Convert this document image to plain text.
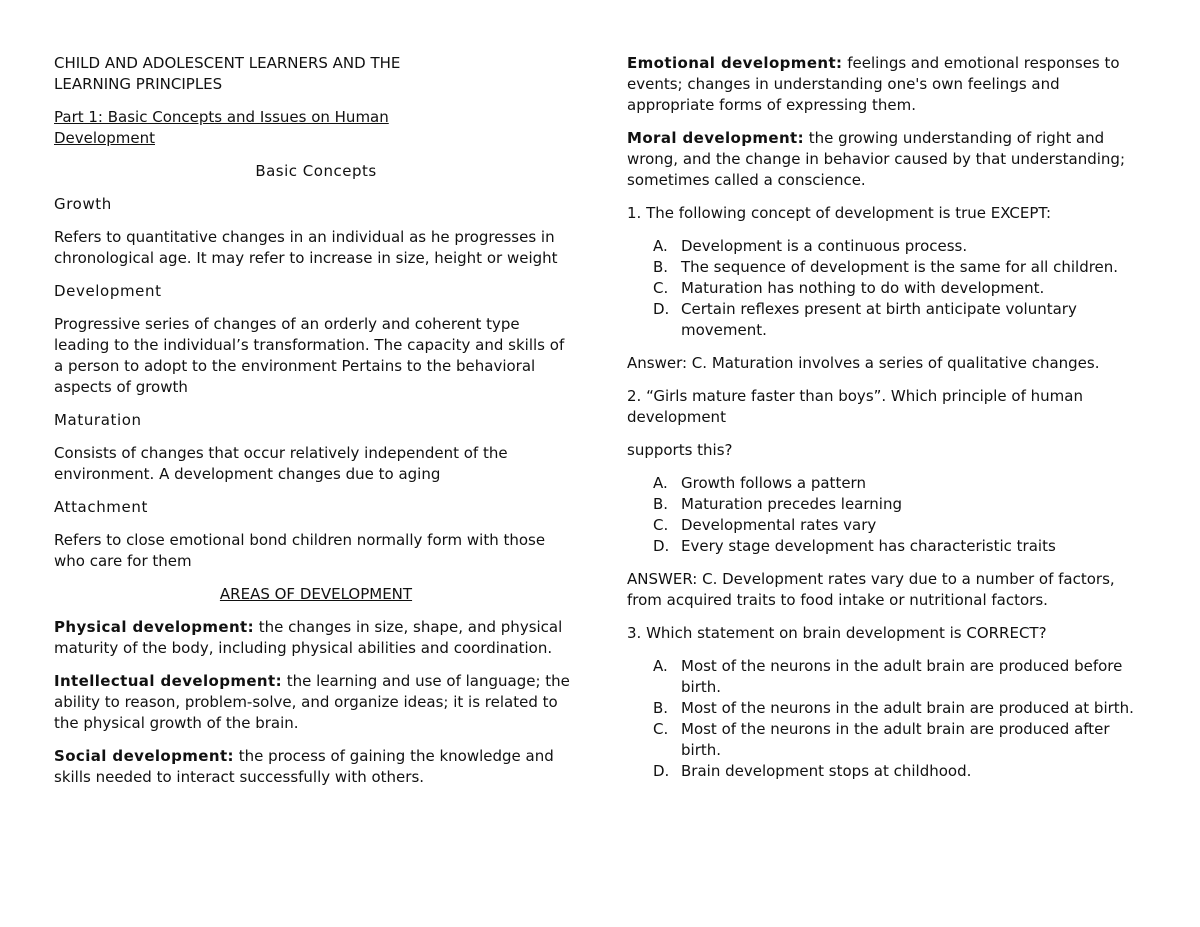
CHILD AND ADOLESCENT LEARNERS AND THE
LEARNING PRINCIPLES

Part 1: Basic Concepts and Issues on Human
Development

Basic Concepts

Growth

Refers to quantitative changes in an individual as he progresses in chronological age. It may refer to increase in size, height or weight

Development

Progressive series of changes of an orderly and coherent type leading to the individual’s transformation. The capacity and skills of a person to adopt to the environment Pertains to the behavioral aspects of growth

Maturation

Consists of changes that occur relatively independent of the environment. A development changes due to aging

Attachment

Refers to close emotional bond children normally form with those who care for them

AREAS OF DEVELOPMENT

Physical development: the changes in size, shape, and physical maturity of the body, including physical abilities and coordination.

Intellectual development: the learning and use of language; the ability to reason, problem-solve, and organize ideas; it is related to the physical growth of the brain.

Social development: the process of gaining the knowledge and skills needed to interact successfully with others.

Emotional development: feelings and emotional responses to events; changes in understanding one's own feelings and appropriate forms of expressing them.

Moral development: the growing understanding of right and wrong, and the change in behavior caused by that understanding; sometimes called a conscience.

1. The following concept of development is true EXCEPT:

A. Development is a continuous process.
B. The sequence of development is the same for all children.
C. Maturation has nothing to do with development.
D. Certain reflexes present at birth anticipate voluntary movement.

Answer: C. Maturation involves a series of qualitative changes.

2. “Girls mature faster than boys”. Which principle of human development

supports this?

A. Growth follows a pattern
B. Maturation precedes learning
C. Developmental rates vary
D. Every stage development has characteristic traits

ANSWER: C. Development rates vary due to a number of factors, from acquired traits to food intake or nutritional factors.

3. Which statement on brain development is CORRECT?

A. Most of the neurons in the adult brain are produced before birth.
B. Most of the neurons in the adult brain are produced at birth.
C. Most of the neurons in the adult brain are produced after birth.
D. Brain development stops at childhood.
